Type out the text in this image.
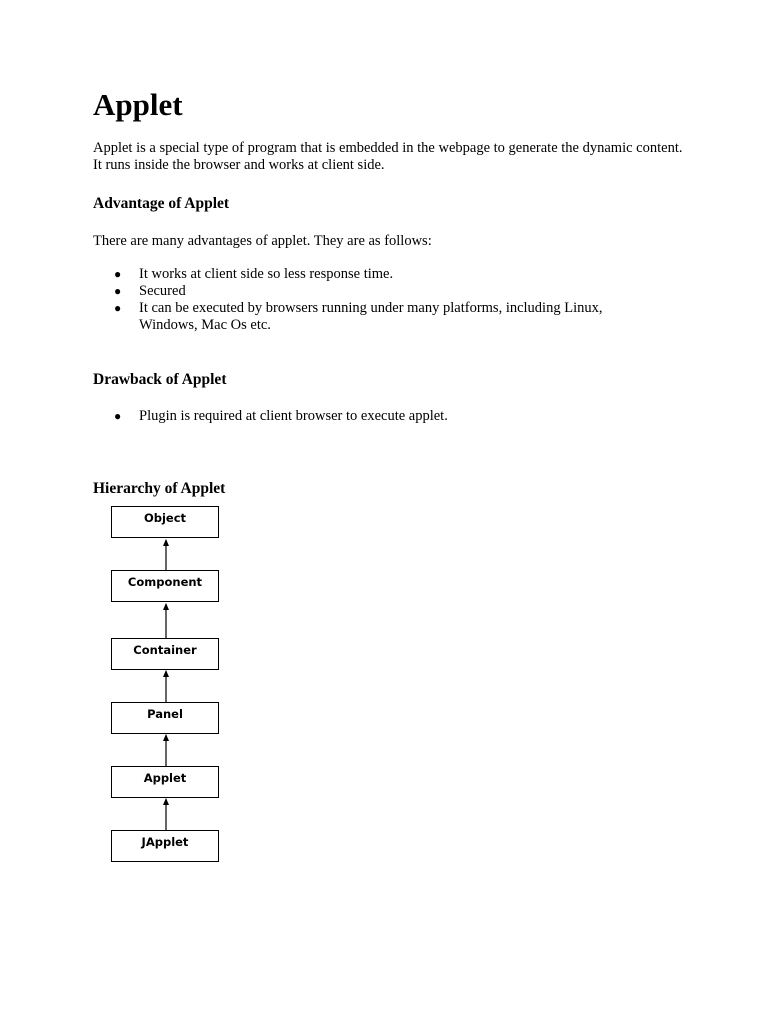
Applet

Applet is a special type of program that is embedded in the webpage to generate the dynamic content. It runs inside the browser and works at client side.

Advantage of Applet

There are many advantages of applet. They are as follows:

● It works at client side so less response time.
● Secured
● It can be executed by browsers running under many platforms, including Linux, Windows, Mac Os etc.
Drawback of Applet
● Plugin is required at client browser to execute applet.
Hierarchy of Applet
Object
Component
Container
Panel
Applet
JApplet
